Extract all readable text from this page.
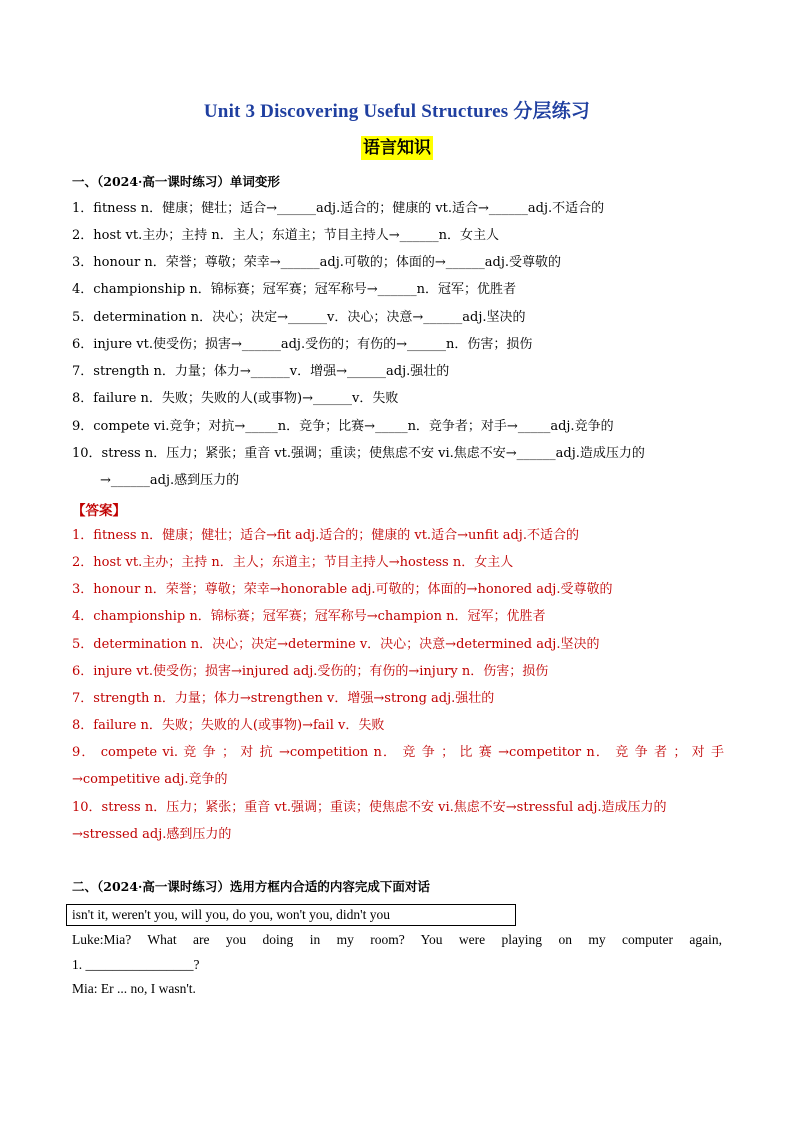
Unit 3 Discovering Useful Structures 分层练习
语言知识
一、（2024·高一课时练习）单词变形
1．fitness n．健康；健壮；适合→______adj.适合的；健康的 vt.适合→______adj.不适合的
2．host vt.主办；主持 n．主人；东道主；节目主持人→______n．女主人
3．honour n．荣誉；尊敬；荣幸→______adj.可敬的；体面的→______adj.受尊敬的
4．championship n．锦标赛；冠军赛；冠军称号→______n．冠军；优胜者
5．determination n．决心；决定→______v．决心；决意→______adj.坚决的
6．injure vt.使受伤；损害→______adj.受伤的；有伤的→______n．伤害；损伤
7．strength n．力量；体力→______v．增强→______adj.强壮的
8．failure n．失败；失败的人(或事物)→______v．失败
9．compete vi.竞争；对抗→_____n．竞争；比赛→_____n．竞争者；对手→_____adj.竞争的
10．stress n．压力；紧张；重音 vt.强调；重读；使焦虑不安 vi.焦虑不安→______adj.造成压力的
→______adj.感到压力的
【答案】
1．fitness n．健康；健壮；适合→fit adj.适合的；健康的 vt.适合→unfit adj.不适合的
2．host vt.主办；主持 n．主人；东道主；节目主持人→hostess n．女主人
3．honour n．荣誉；尊敬；荣幸→honorable adj.可敬的；体面的→honored adj.受尊敬的
4．championship n．锦标赛；冠军赛；冠军称号→champion n．冠军；优胜者
5．determination n．决心；决定→determine v．决心；决意→determined adj.坚决的
6．injure vt.使受伤；损害→injured adj.受伤的；有伤的→injury n．伤害；损伤
7．strength n．力量；体力→strengthen v．增强→strong adj.强壮的
8．failure n．失败；失败的人(或事物)→fail v．失败
9． compete vi. 竞 争 ； 对 抗 →competition n． 竞 争 ； 比 赛 →competitor n． 竞 争 者 ； 对 手
→competitive adj.竞争的
10．stress n．压力；紧张；重音 vt.强调；重读；使焦虑不安 vi.焦虑不安→stressful adj.造成压力的
→stressed adj.感到压力的
二、（2024·高一课时练习）选用方框内合适的内容完成下面对话
isn't it, weren't you, will you, do you, won't you, didn't you
Luke:Mia? What are you doing in my room? You were playing on my computer again,
1. ________________?
Mia: Er ... no, I wasn't.
